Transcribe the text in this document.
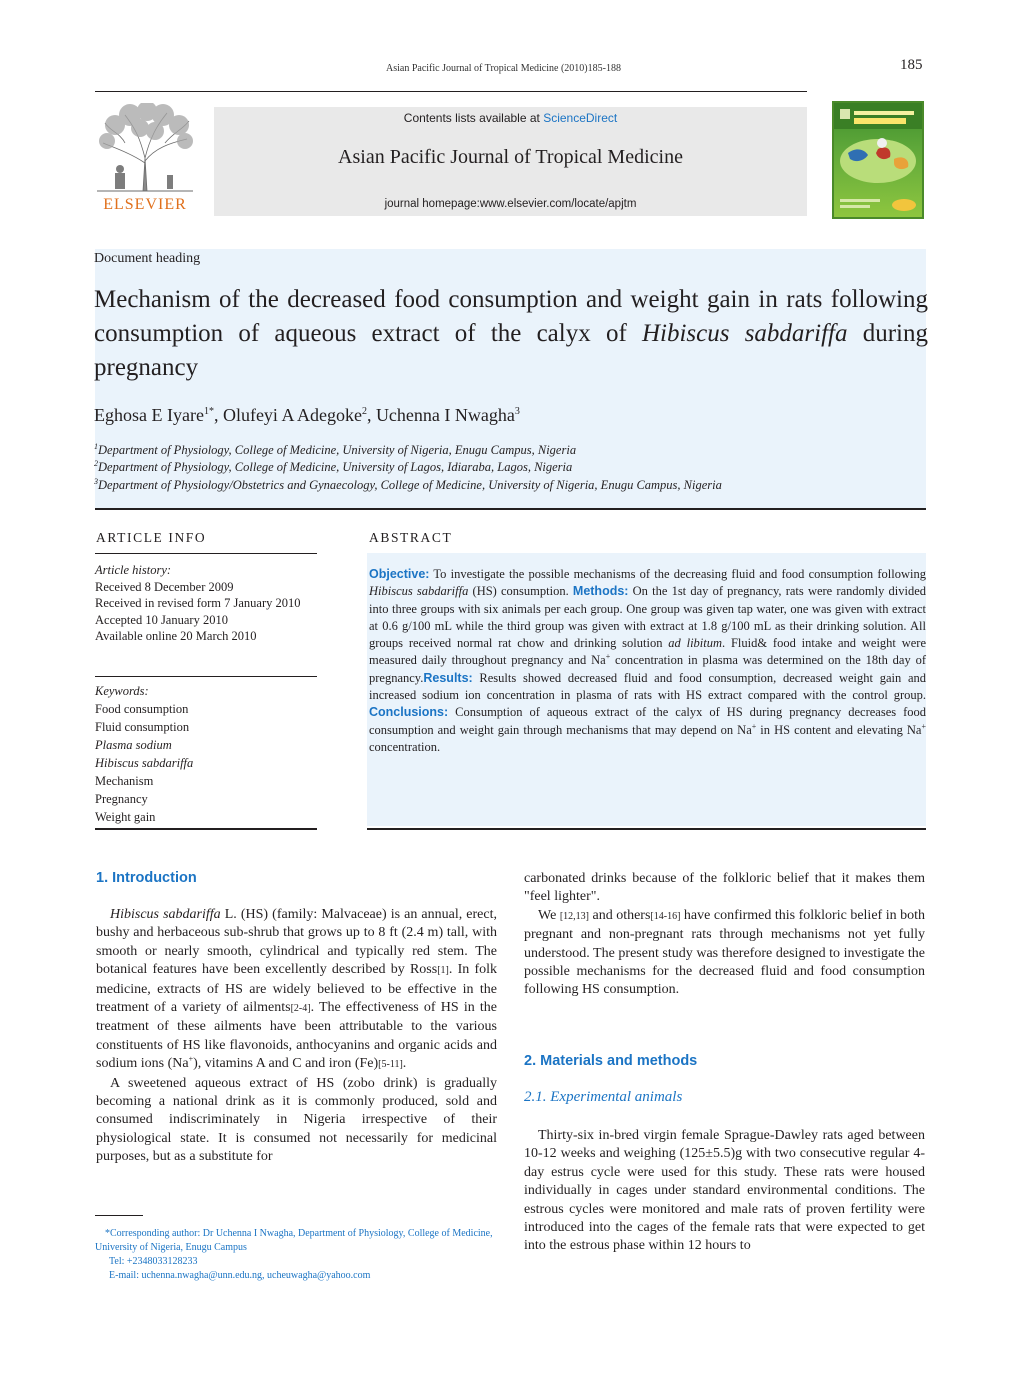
Asian Pacific Journal of Tropical Medicine (2010)185-188	185
ELSEVIER
Contents lists available at ScienceDirect
Asian Pacific Journal of Tropical Medicine
journal homepage:www.elsevier.com/locate/apjtm
Document heading
Mechanism of the decreased food consumption and weight gain in rats following consumption of aqueous extract of the calyx of Hibiscus sabdariffa during pregnancy
Eghosa E Iyare$^{1*}$, Olufeyi A Adegoke$^2$, Uchenna I Nwagha$^3$
$^1$Department of Physiology, College of Medicine, University of Nigeria, Enugu Campus, Nigeria
$^2$Department of Physiology, College of Medicine, University of Lagos, Idiaraba, Lagos, Nigeria
$^3$Department of Physiology/Obstetrics and Gynaecology, College of Medicine, University of Nigeria, Enugu Campus, Nigeria
ARTICLE INFO
Article history:
Received 8 December 2009
Received in revised form 7 January 2010
Accepted 10 January 2010
Available online 20 March 2010
Keywords:
Food consumption
Fluid consumption
Plasma sodium
Hibiscus sabdariffa
Mechanism
Pregnancy
Weight gain
ABSTRACT
Objective: To investigate the possible mechanisms of the decreasing fluid and food consumption following Hibiscus sabdariffa (HS) consumption. Methods: On the 1st day of pregnancy, rats were randomly divided into three groups with six animals per each group. One group was given tap water, one was given with extract at 0.6 g/100 mL while the third group was given with extract at 1.8 g/100 mL as their drinking solution. All groups received normal rat chow and drinking solution ad libitum. Fluid& food intake and weight were measured daily throughout pregnancy and Na+ concentration in plasma was determined on the 18th day of pregnancy.Results: Results showed decreased fluid and food consumption, decreased weight gain and increased sodium ion concentration in plasma of rats with HS extract compared with the control group. Conclusions: Consumption of aqueous extract of the calyx of HS during pregnancy decreases food consumption and weight gain through mechanisms that may depend on Na+ in HS content and elevating Na+ concentration.
1. Introduction

Hibiscus sabdariffa L. (HS) (family: Malvaceae) is an annual, erect, bushy and herbaceous sub-shrub that grows up to 8 ft (2.4 m) tall, with smooth or nearly smooth, cylindrical and typically red stem. The botanical features have been excellently described by Ross[1]. In folk medicine, extracts of HS are widely believed to be effective in the treatment of a variety of ailments[2-4]. The effectiveness of HS in the treatment of these ailments have been attributable to the various constituents of HS like flavonoids, anthocyanins and organic acids and sodium ions (Na+), vitamins A and C and iron (Fe)[5-11].

A sweetened aqueous extract of HS (zobo drink) is gradually becoming a national drink as it is commonly produced, sold and consumed indiscriminately in Nigeria irrespective of their physiological state. It is consumed not necessarily for medicinal purposes, but as a substitute for

*Corresponding author: Dr Uchenna I Nwagha, Department of Physiology, College of Medicine, University of Nigeria, Enugu Campus
Tel: +2348033128233
E-mail: uchenna.nwagha@unn.edu.ng, ucheuwagha@yahoo.com

carbonated drinks because of the folkloric belief that it makes them "feel lighter".

We [12,13] and others[14-16] have confirmed this folkloric belief in both pregnant and non-pregnant rats through mechanisms not yet fully understood. The present study was therefore designed to investigate the possible mechanisms for the decreased fluid and food consumption following HS consumption.

2. Materials and methods
2.1. Experimental animals

Thirty-six in-bred virgin female Sprague-Dawley rats aged between 10-12 weeks and weighing (125±5.5)g with two consecutive regular 4-day estrus cycle were used for this study. These rats were housed individually in cages under standard environmental conditions. The estrous cycles were monitored and male rats of proven fertility were introduced into the cages of the female rats that were expected to get into the estrous phase within 12 hours to
